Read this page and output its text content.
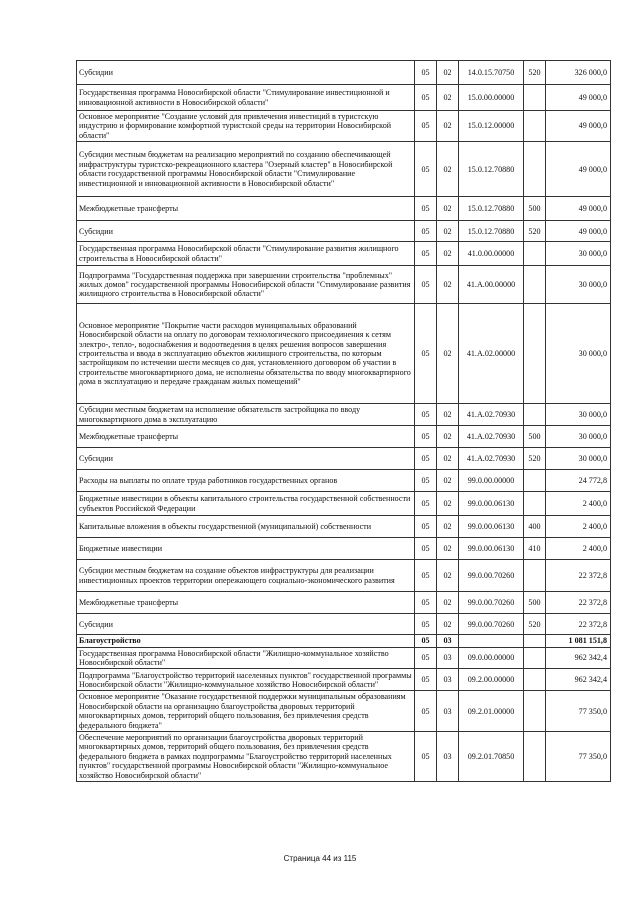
Субсидии	05	02	14.0.15.70750	520	326 000,0
Государственная программа Новосибирской области "Стимулирование инвестиционной и инновационной активности в Новосибирской области"	05	02	15.0.00.00000		49 000,0
Основное мероприятие "Создание условий для привлечения инвестиций в туристскую индустрию и формирование комфортной туристской среды на территории Новосибирской области"	05	02	15.0.12.00000		49 000,0
Субсидии местным бюджетам на реализацию мероприятий по созданию обеспечивающей инфраструктуры туристско-рекреационного кластера "Озерный кластер" в Новосибирской области государственной программы Новосибирской области "Стимулирование инвестиционной и инновационной активности в Новосибирской области"	05	02	15.0.12.70880		49 000,0
Межбюджетные трансферты	05	02	15.0.12.70880	500	49 000,0
Субсидии	05	02	15.0.12.70880	520	49 000,0
Государственная программа Новосибирской области "Стимулирование развития жилищного строительства в Новосибирской области"	05	02	41.0.00.00000		30 000,0
Подпрограмма "Государственная поддержка при завершении строительства "проблемных" жилых домов" государственной программы Новосибирской области "Стимулирование развития жилищного строительства в Новосибирской области"	05	02	41.А.00.00000		30 000,0
Основное мероприятие "Покрытие части расходов муниципальных образований Новосибирской области на оплату по договорам технологического присоединения к сетям электро-, тепло-, водоснабжения и водоотведения в целях решения вопросов завершения строительства и ввода в эксплуатацию объектов жилищного строительства, по которым застройщиком по истечении шести месяцев со дня, установленного договором об участии в строительстве многоквартирного дома, не исполнены обязательства по вводу многоквартирного дома в эксплуатацию и передаче гражданам жилых помещений"	05	02	41.А.02.00000		30 000,0
Субсидии местным бюджетам на исполнение обязательств застройщика по вводу многоквартирного дома в эксплуатацию	05	02	41.А.02.70930		30 000,0
Межбюджетные трансферты	05	02	41.А.02.70930	500	30 000,0
Субсидии	05	02	41.А.02.70930	520	30 000,0
Расходы на выплаты по оплате труда работников государственных органов	05	02	99.0.00.00000		24 772,8
Бюджетные инвестиции в объекты капитального строительства государственной собственности субъектов Российской Федерации	05	02	99.0.00.06130		2 400,0
Капитальные вложения в объекты государственной (муниципальной) собственности	05	02	99.0.00.06130	400	2 400,0
Бюджетные инвестиции	05	02	99.0.00.06130	410	2 400,0
Субсидии местным бюджетам на создание объектов инфраструктуры для реализации инвестиционных проектов территории опережающего социально-экономического развития	05	02	99.0.00.70260		22 372,8
Межбюджетные трансферты	05	02	99.0.00.70260	500	22 372,8
Субсидии	05	02	99.0.00.70260	520	22 372,8
Благоустройство	05	03			1 081 151,8
Государственная программа Новосибирской области "Жилищно-коммунальное хозяйство Новосибирской области"	05	03	09.0.00.00000		962 342,4
Подпрограмма "Благоустройство территорий населенных пунктов" государственной программы Новосибирской области "Жилищно-коммунальное хозяйство Новосибирской области"	05	03	09.2.00.00000		962 342,4
Основное мероприятие "Оказание государственной поддержки муниципальным образованиям Новосибирской области на организацию благоустройства дворовых территорий многоквартирных домов, территорий общего пользования, без привлечения средств федерального бюджета"	05	03	09.2.01.00000		77 350,0
Обеспечение мероприятий по организации благоустройства дворовых территорий многоквартирных домов, территорий общего пользования, без привлечения средств федерального бюджета в рамках подпрограммы "Благоустройство территорий населенных пунктов" государственной программы Новосибирской области "Жилищно-коммунальное хозяйство Новосибирской области"	05	03	09.2.01.70850		77 350,0
Страница 44 из 115
